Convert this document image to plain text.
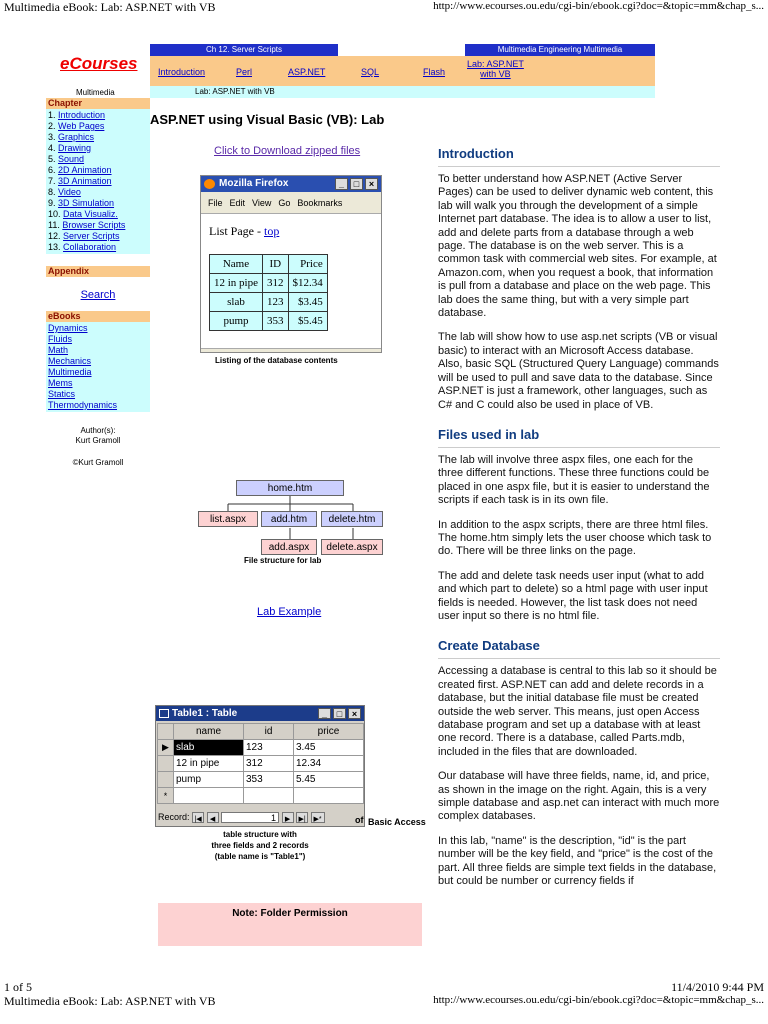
Multimedia eBook: Lab: ASP.NET with VB	http://www.ecourses.ou.edu/cgi-bin/ebook.cgi?doc=&topic=mm&chap_s...
eCourses
Multimedia
Ch 12. Server Scripts	Multimedia Engineering Multimedia
Introduction	Perl	ASP.NET	SQL	Flash
Lab: ASP.NET
with VB
Lab: ASP.NET with VB
Chapter
1. Introduction
2. Web Pages
3. Graphics
4. Drawing
5. Sound
6. 2D Animation
7. 3D Animation
8. Video
9. 3D Simulation
10. Data Visualiz.
11. Browser Scripts
12. Server Scripts
13. Collaboration
Appendix
Search
eBooks
Dynamics
Fluids
Math
Mechanics
Multimedia
Mems
Statics
Thermodynamics
Author(s):
Kurt Gramoll
©Kurt Gramoll
ASP.NET using Visual Basic (VB): Lab
Click to Download zipped files
Mozilla Firefox	_	□	×
File Edit View Go Bookmarks
List Page - top
Name	ID	Price
12 in pipe	312	$12.34
slab	123	$3.45
pump	353	$5.45
Listing of the database contents
home.htm
list.aspx	add.htm	delete.htm
add.aspx	delete.aspx
File structure for lab
Lab Example
Table1 : Table	_	□	×
	name	id	price
▶	slab	123	3.45
	12 in pipe	312	12.34
	pump	353	5.45
*			
Record: |◀ ◀	1 ▶ ▶| ▶*	of Basic Access
table structure with
three fields and 2 records
(table name is "Table1")
Note: Folder Permission
Introduction

To better understand how ASP.NET (Active Server Pages) can be used to deliver dynamic web content, this lab will walk you through the development of a simple Internet part database. The idea is to allow a user to list, add and delete parts from a database through a web page. The database is on the web server. This is a common task with commercial web sites. For example, at Amazon.com, when you request a book, that information is pull from a database and place on the web page. This lab does the same thing, but with a very simple part database.

The lab will show how to use asp.net scripts (VB or visual basic) to interact with an Microsoft Access database. Also, basic SQL (Structured Query Language) commands will be used to pull and save data to the database. Since ASP.NET is just a framework, other languages, such as C# and C could also be used in place of VB.

Files used in lab

The lab will involve three aspx files, one each for the three different functions. These three functions could be placed in one aspx file, but it is easier to understand the scripts if each task is in its own file.

In addition to the aspx scripts, there are three html files. The home.htm simply lets the user choose which task to do. There will be three links on the page.

The add and delete task needs user input (what to add and which part to delete) so a html page with user input fields is needed. However, the list task does not need user input so there is no html file.

Create Database

Accessing a database is central to this lab so it should be created first. ASP.NET can add and delete records in a database, but the initial database file must be created outside the web server. This means, just open Access database program and set up a database with at least one record. There is a database, called Parts.mdb, included in the files that are downloaded.

Our database will have three fields, name, id, and price, as shown in the image on the right. Again, this is a very simple database and asp.net can interact with much more complex databases.

In this lab, "name" is the description, "id" is the part number will be the key field, and "price" is the cost of the part. All three fields are simple text fields in the database, but could be number or currency fields if

1 of 5	11/4/2010 9:44 PM
Multimedia eBook: Lab: ASP.NET with VB	http://www.ecourses.ou.edu/cgi-bin/ebook.cgi?doc=&topic=mm&chap_s...
